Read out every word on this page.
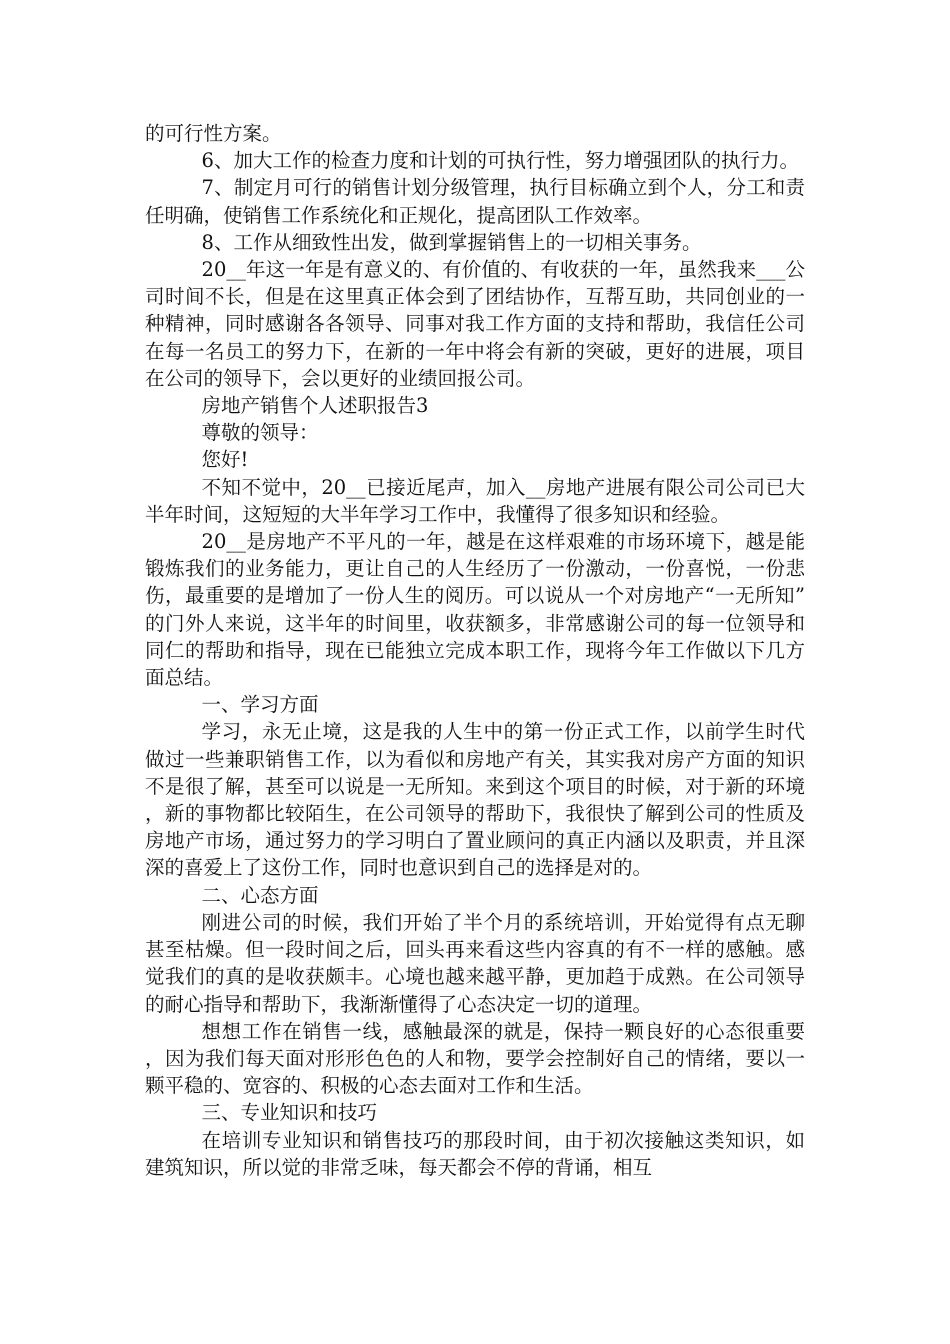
的可行性方案。

6、加大工作的检查力度和计划的可执行性，努力增强团队的执行力。

7、制定月可行的销售计划分级管理，执行目标确立到个人，分工和责任明确，使销售工作系统化和正规化，提高团队工作效率。

8、工作从细致性出发，做到掌握销售上的一切相关事务。

20__年这一年是有意义的、有价值的、有收获的一年，虽然我来___公司时间不长，但是在这里真正体会到了团结协作，互帮互助，共同创业的一种精神，同时感谢各各领导、同事对我工作方面的支持和帮助，我信任公司在每一名员工的努力下，在新的一年中将会有新的突破，更好的进展，项目在公司的领导下，会以更好的业绩回报公司。

房地产销售个人述职报告3

尊敬的领导：

您好!

不知不觉中，20__已接近尾声，加入__房地产进展有限公司公司已大半年时间，这短短的大半年学习工作中，我懂得了很多知识和经验。

20__是房地产不平凡的一年，越是在这样艰难的市场环境下，越是能锻炼我们的业务能力，更让自己的人生经历了一份激动，一份喜悦，一份悲伤，最重要的是增加了一份人生的阅历。可以说从一个对房地产“一无所知”的门外人来说，这半年的时间里，收获额多，非常感谢公司的每一位领导和同仁的帮助和指导，现在已能独立完成本职工作，现将今年工作做以下几方面总结。

一、学习方面

学习，永无止境，这是我的人生中的第一份正式工作，以前学生时代做过一些兼职销售工作，以为看似和房地产有关，其实我对房产方面的知识不是很了解，甚至可以说是一无所知。来到这个项目的时候，对于新的环境，新的事物都比较陌生，在公司领导的帮助下，我很快了解到公司的性质及房地产市场，通过努力的学习明白了置业顾问的真正内涵以及职责，并且深深的喜爱上了这份工作，同时也意识到自己的选择是对的。

二、心态方面

刚进公司的时候，我们开始了半个月的系统培训，开始觉得有点无聊甚至枯燥。但一段时间之后，回头再来看这些内容真的有不一样的感触。感觉我们的真的是收获颇丰。心境也越来越平静，更加趋于成熟。在公司领导的耐心指导和帮助下，我渐渐懂得了心态决定一切的道理。

想想工作在销售一线，感触最深的就是，保持一颗良好的心态很重要，因为我们每天面对形形色色的人和物，要学会控制好自己的情绪，要以一颗平稳的、宽容的、积极的心态去面对工作和生活。

三、专业知识和技巧

在培训专业知识和销售技巧的那段时间，由于初次接触这类知识，如建筑知识，所以觉的非常乏味，每天都会不停的背诵，相互
